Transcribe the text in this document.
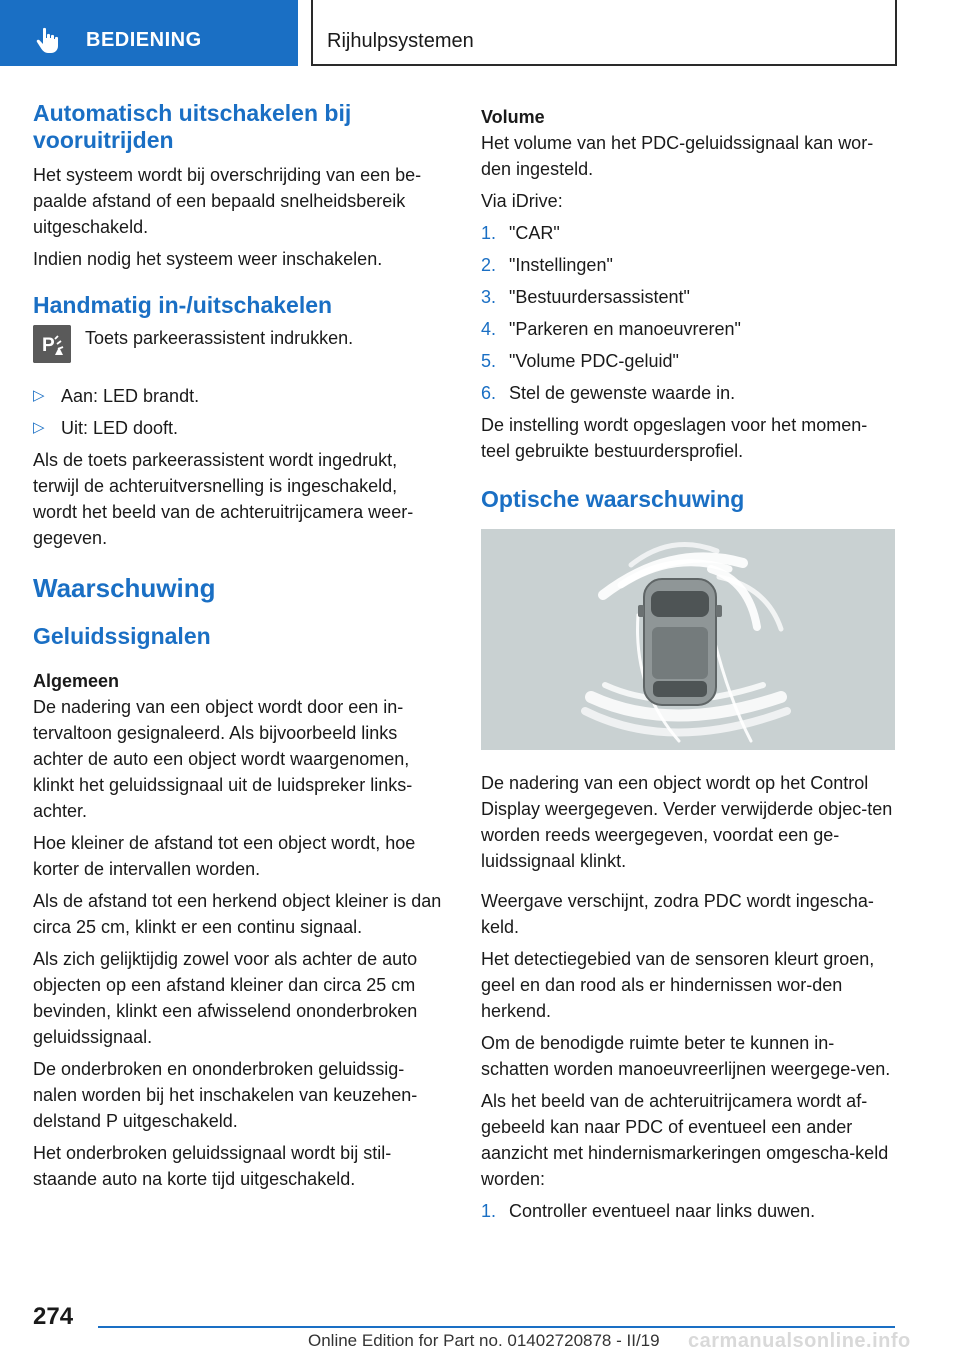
BEDIENING	Rijhulpsystemen
Automatisch uitschakelen bij vooruitrijden

Het systeem wordt bij overschrijding van een be-paalde afstand of een bepaald snelheidsbereik uitgeschakeld.

Indien nodig het systeem weer inschakelen.

Handmatig in-/uitschakelen
P Toets parkeerassistent indrukken.

▷ Aan: LED brandt.
▷ Uit: LED dooft.

Als de toets parkeerassistent wordt ingedrukt, terwijl de achteruitversnelling is ingeschakeld, wordt het beeld van de achteruitrijcamera weer-gegeven.

Waarschuwing
Geluidssignalen
Algemeen

De nadering van een object wordt door een in-tervaltoon gesignaleerd. Als bijvoorbeeld links achter de auto een object wordt waargenomen, klinkt het geluidssignaal uit de luidspreker links-achter.

Hoe kleiner de afstand tot een object wordt, hoe korter de intervallen worden.

Als de afstand tot een herkend object kleiner is dan circa 25 cm, klinkt er een continu signaal.

Als zich gelijktijdig zowel voor als achter de auto objecten op een afstand kleiner dan circa 25 cm bevinden, klinkt een afwisselend ononderbroken geluidssignaal.

De onderbroken en ononderbroken geluidssig-nalen worden bij het inschakelen van keuzehen-delstand P uitgeschakeld.

Het onderbroken geluidssignaal wordt bij stil-staande auto na korte tijd uitgeschakeld.

Volume

Het volume van het PDC-geluidssignaal kan wor-den ingesteld.

Via iDrive:

1. "CAR"
2. "Instellingen"
3. "Bestuurdersassistent"
4. "Parkeren en manoeuvreren"
5. "Volume PDC-geluid"
6. Stel de gewenste waarde in.

De instelling wordt opgeslagen voor het momen-teel gebruikte bestuurdersprofiel.

Optische waarschuwing

De nadering van een object wordt op het Control Display weergegeven. Verder verwijderde objec-ten worden reeds weergegeven, voordat een ge-luidssignaal klinkt.

Weergave verschijnt, zodra PDC wordt ingescha-keld.

Het detectiegebied van de sensoren kleurt groen, geel en dan rood als er hindernissen wor-den herkend.

Om de benodigde ruimte beter te kunnen in-schatten worden manoeuvreerlijnen weergege-ven.

Als het beeld van de achteruitrijcamera wordt af-gebeeld kan naar PDC of eventueel een ander aanzicht met hindernismarkeringen omgescha-keld worden:

1. Controller eventueel naar links duwen.
274
Online Edition for Part no. 01402720878 - II/19 carmanualsonline.info
